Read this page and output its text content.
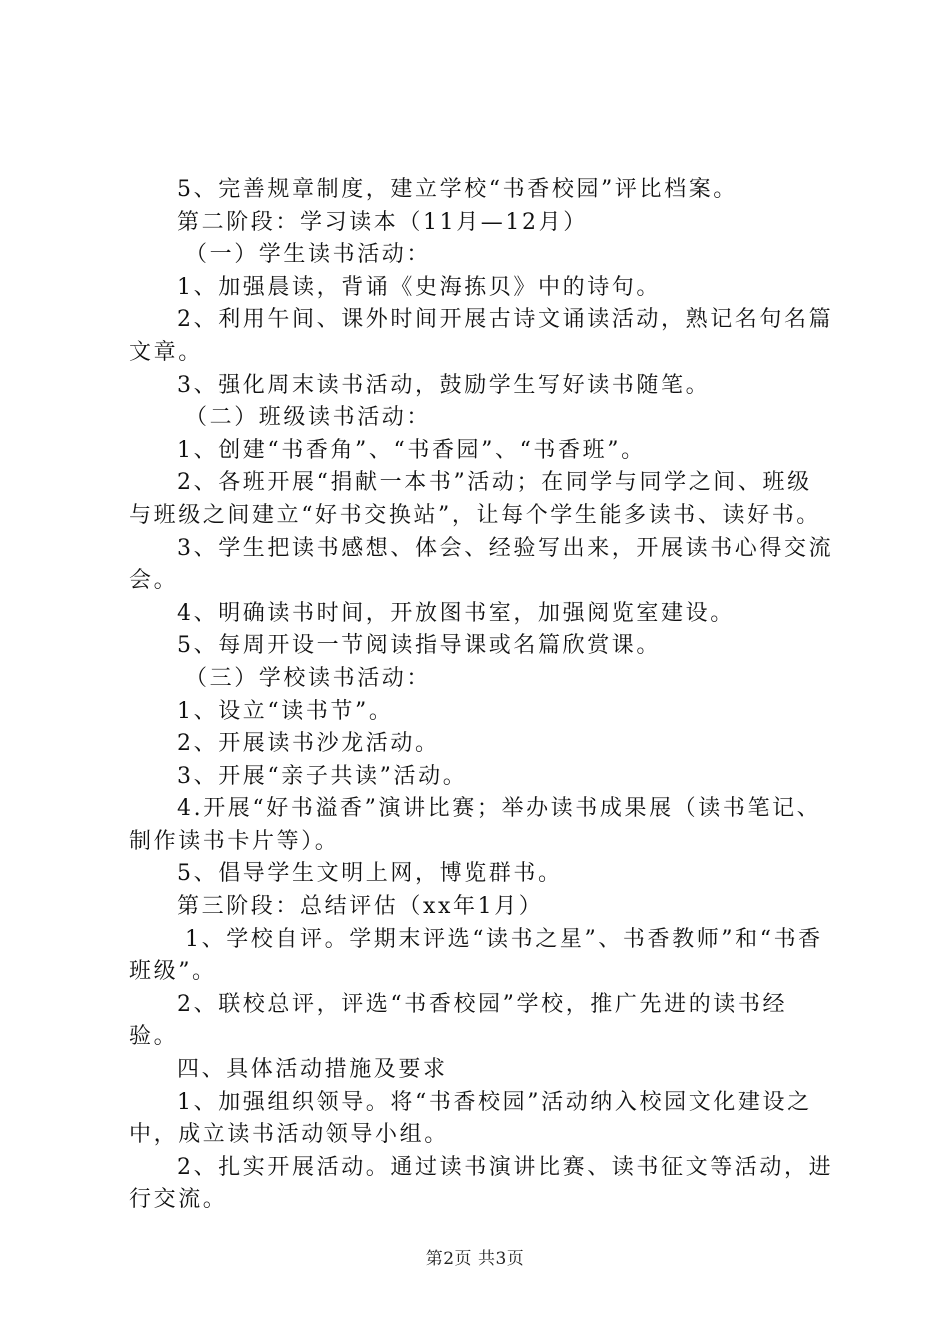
5、完善规章制度，建立学校“书香校园”评比档案。

第二阶段：学习读本（11月—12月）

（一）学生读书活动：

1、加强晨读，背诵《史海拣贝》中的诗句。

2、利用午间、课外时间开展古诗文诵读活动，熟记名句名篇文章。

3、强化周末读书活动，鼓励学生写好读书随笔。

（二）班级读书活动：

1、创建“书香角”、“书香园”、“书香班”。

2、各班开展“捐献一本书”活动；在同学与同学之间、班级与班级之间建立“好书交换站”，让每个学生能多读书、读好书。

3、学生把读书感想、体会、经验写出来，开展读书心得交流会。

4、明确读书时间，开放图书室，加强阅览室建设。

5、每周开设一节阅读指导课或名篇欣赏课。

（三）学校读书活动：

1、设立“读书节”。

2、开展读书沙龙活动。

3、开展“亲子共读”活动。

4.开展“好书溢香”演讲比赛；举办读书成果展（读书笔记、制作读书卡片等）。

5、倡导学生文明上网，博览群书。

第三阶段：总结评估（xx年1月）

1、学校自评。学期末评选“读书之星”、书香教师”和“书香班级”。

2、联校总评，评选“书香校园”学校，推广先进的读书经验。

四、具体活动措施及要求

1、加强组织领导。将“书香校园”活动纳入校园文化建设之中，成立读书活动领导小组。

2、扎实开展活动。通过读书演讲比赛、读书征文等活动，进行交流。

第2页 共3页
